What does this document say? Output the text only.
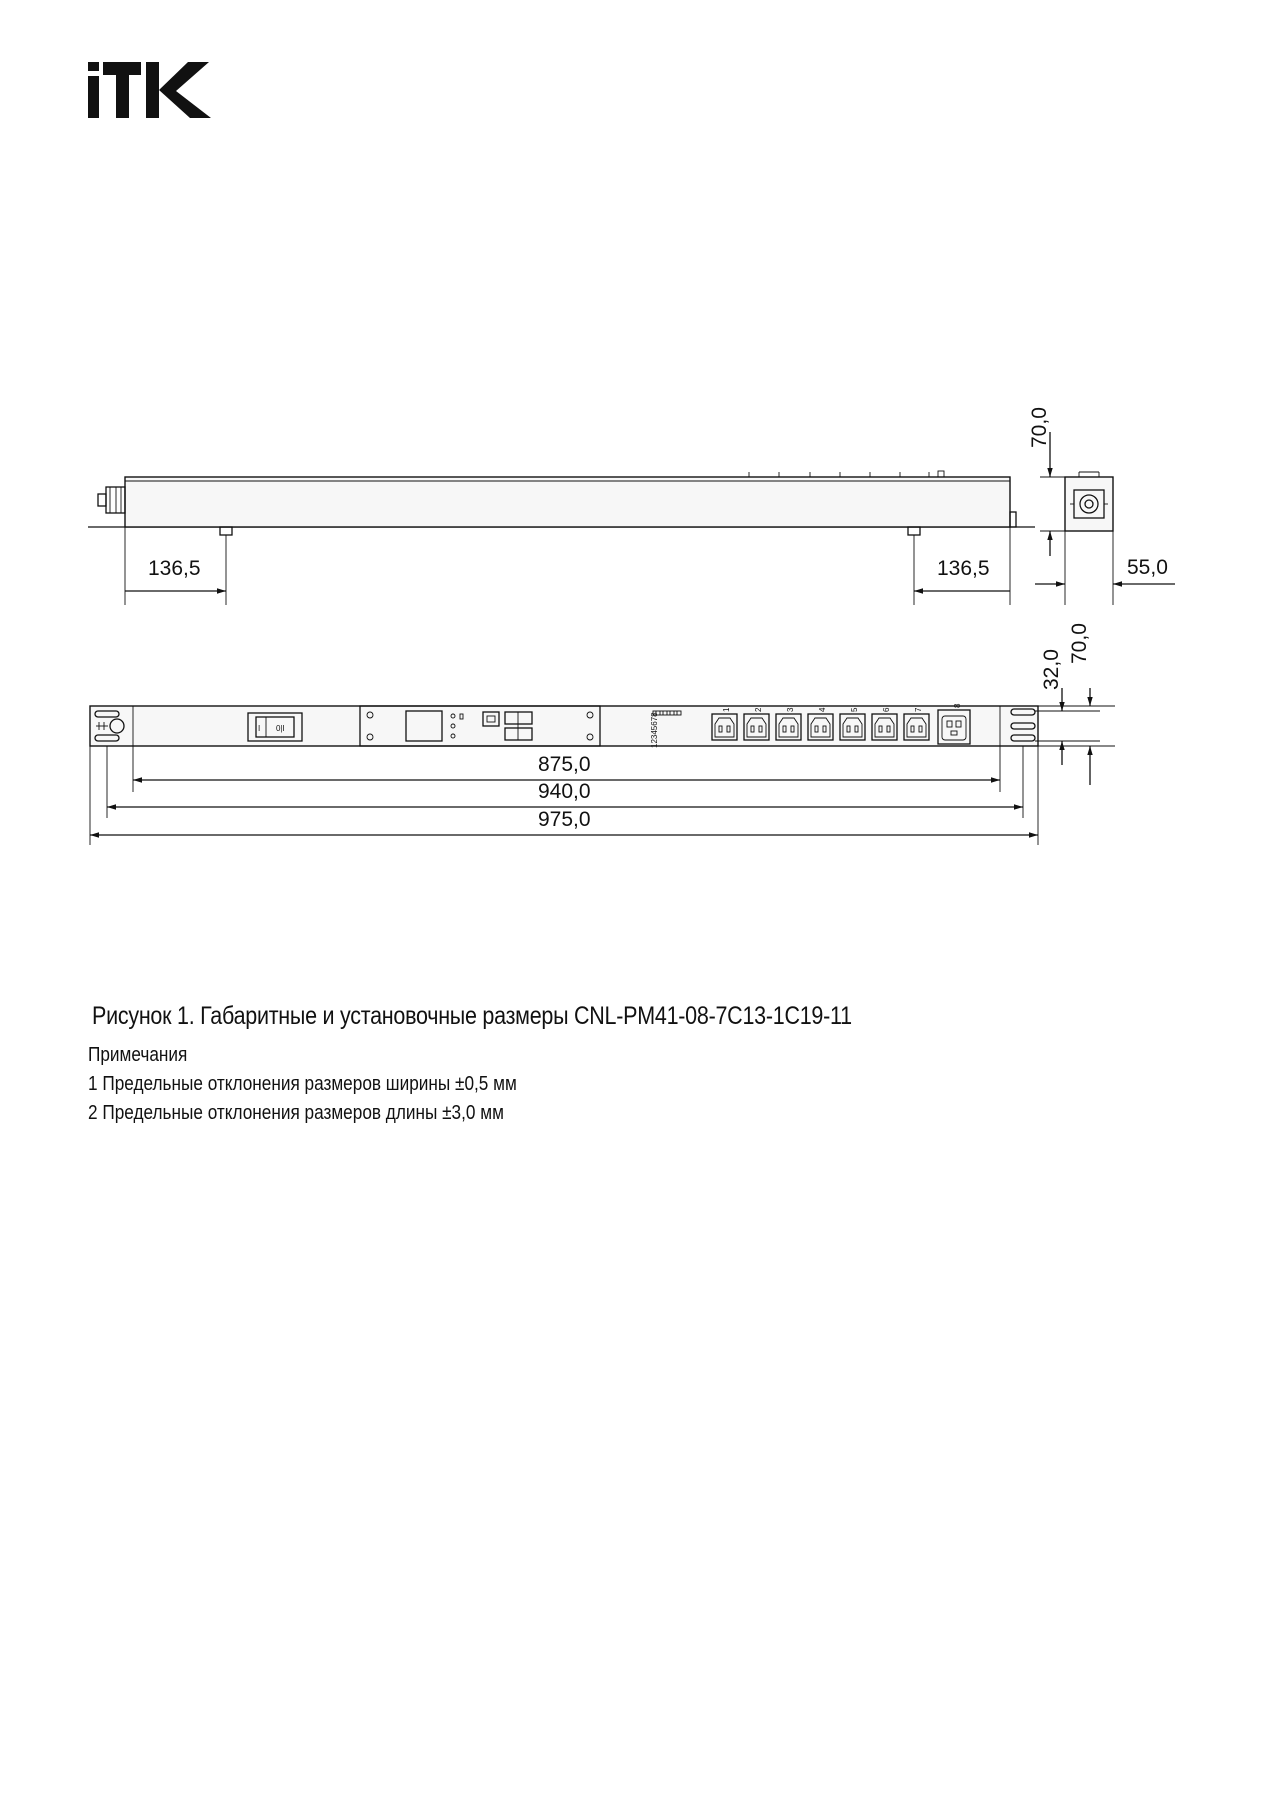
136,5	136,5
70,0
55,0
I 0|I	12345678
1	2	3	4	5	6	7
8
32,0
70,0
875,0
940,0
975,0

Рисунок 1. Габаритные и установочные размеры CNL-PM41-08-7C13-1C19-11

Примечания

1 Предельные отклонения размеров ширины ±0,5 мм

2 Предельные отклонения размеров длины ±3,0 мм
